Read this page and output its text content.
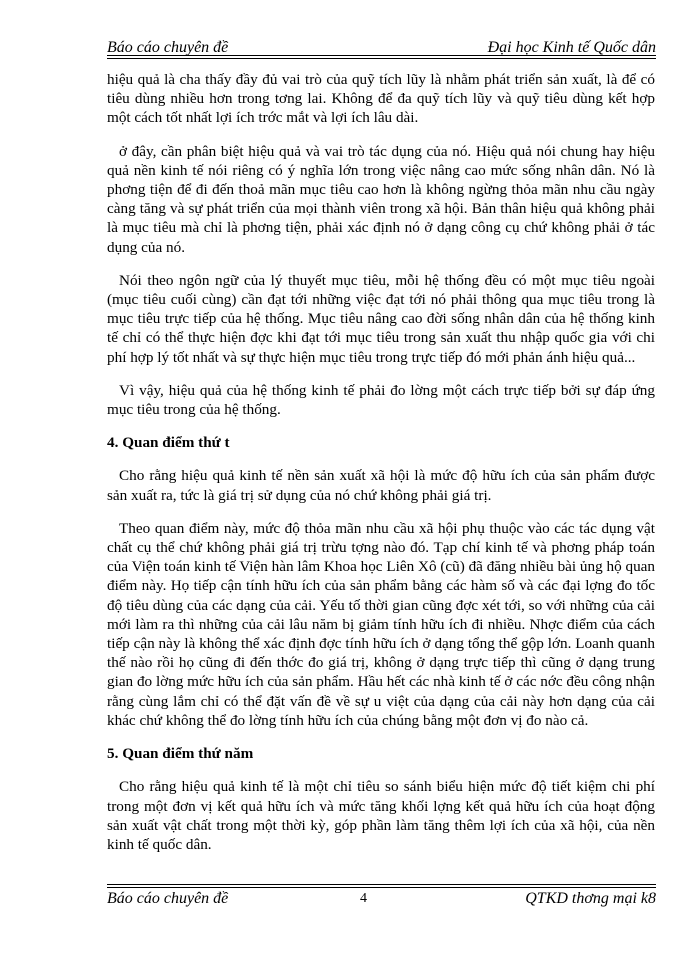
Báo cáo chuyên đề	Đại học Kinh tế Quốc dân

hiệu quả là cha thấy đầy đủ vai trò của quỹ tích lũy là nhằm phát triển sản xuất, là để có tiêu dùng nhiều hơn trong tơng lai. Không để đa quỹ tích lũy và quỹ tiêu dùng kết hợp một cách tốt nhất lợi ích trớc mắt và lợi ích lâu dài.

ở đây, cần phân biệt hiệu quả và vai trò tác dụng của nó. Hiệu quả nói chung hay hiệu quả nền kinh tế nói riêng có ý nghĩa lớn trong việc nâng cao mức sống nhân dân. Nó là phơng tiện để đi đến thoả mãn mục tiêu cao hơn là không ngừng thỏa mãn nhu cầu ngày càng tăng và sự phát triển của mọi thành viên trong xã hội. Bản thân hiệu quả không phải là mục tiêu mà chỉ là phơng tiện, phải xác định nó ở dạng công cụ chứ không phải ở tác dụng của nó.

Nói theo ngôn ngữ của lý thuyết mục tiêu, mỗi hệ thống đều có một mục tiêu ngoài (mục tiêu cuối cùng) cần đạt tới những việc đạt tới nó phải thông qua mục tiêu trong là mục tiêu trực tiếp của hệ thống. Mục tiêu nâng cao đời sống nhân dân của hệ thống kinh tế chỉ có thể thực hiện đợc khi đạt tới mục tiêu trong sản xuất thu nhập quốc gia với chi phí hợp lý tốt nhất và sự thực hiện mục tiêu trong trực tiếp đó mới phản ánh hiệu quả...

Vì vậy, hiệu quả của hệ thống kinh tế phải đo lờng một cách trực tiếp bởi sự đáp ứng mục tiêu trong của hệ thống.

4. Quan điểm thứ t

Cho rằng hiệu quả kinh tế nền sản xuất xã hội là mức độ hữu ích của sản phẩm được sản xuất ra, tức là giá trị sử dụng của nó chứ không phải giá trị.

Theo quan điểm này, mức độ thỏa mãn nhu cầu xã hội phụ thuộc vào các tác dụng vật chất cụ thể chứ không phải giá trị trừu tợng nào đó. Tạp chí kinh tế và phơng pháp toán của Viện toán kinh tế Viện hàn lâm Khoa học Liên Xô (cũ) đã đăng nhiều bài ủng hộ quan điểm này. Họ tiếp cận tính hữu ích của sản phẩm bằng các hàm số và các đại lợng đo tốc độ tiêu dùng của các dạng của cải. Yếu tố thời gian cũng đợc xét tới, so với những của cải mới làm ra thì những của cải lâu năm bị giảm tính hữu ích đi nhiều. Nhợc điểm của cách tiếp cận này là không thể xác định đợc tính hữu ích ở dạng tổng thể gộp lớn. Loanh quanh thế nào rồi họ cũng đi đến thớc đo giá trị, không ở dạng trực tiếp thì cũng ở dạng trung gian đo lờng mức hữu ích của sản phẩm. Hầu hết các nhà kinh tế ở các nớc đều công nhận rằng cùng lắm chỉ có thể đặt vấn đề về sự u việt của dạng của cải này hơn dạng của cải khác chứ không thể đo lờng tính hữu ích của chúng bằng một đơn vị đo nào cả.

5. Quan điểm thứ năm

Cho rằng hiệu quả kinh tế là một chỉ tiêu so sánh biểu hiện mức độ tiết kiệm chi phí trong một đơn vị kết quả hữu ích và mức tăng khối lợng kết quả hữu ích của hoạt động sản xuất vật chất trong một thời kỳ, góp phần làm tăng thêm lợi ích của xã hội, của nền kinh tế quốc dân.

Báo cáo chuyên đề	4	QTKD thơng mại k8
